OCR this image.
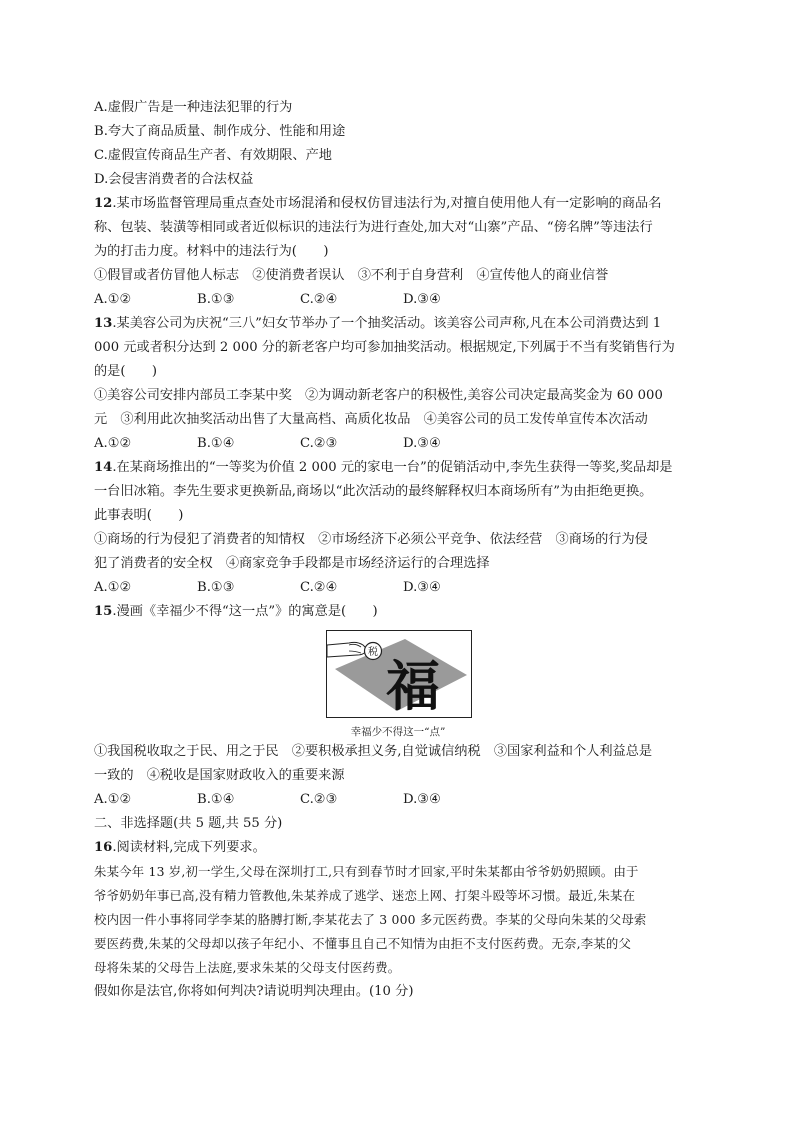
A.虚假广告是一种违法犯罪的行为
B.夸大了商品质量、制作成分、性能和用途
C.虚假宣传商品生产者、有效期限、产地
D.会侵害消费者的合法权益
12.某市场监督管理局重点查处市场混淆和侵权仿冒违法行为,对擅自使用他人有一定影响的商品名
称、包装、装潢等相同或者近似标识的违法行为进行查处,加大对“山寨”产品、“傍名牌”等违法行
为的打击力度。材料中的违法行为(　　)
①假冒或者仿冒他人标志　②使消费者误认　③不利于自身营利　④宣传他人的商业信誉
A.①②	B.①③	C.②④	D.③④
13.某美容公司为庆祝“三八”妇女节举办了一个抽奖活动。该美容公司声称,凡在本公司消费达到 1
000 元或者积分达到 2 000 分的新老客户均可参加抽奖活动。根据规定,下列属于不当有奖销售行为
的是(　　)
①美容公司安排内部员工李某中奖　②为调动新老客户的积极性,美容公司决定最高奖金为 60 000
元　③利用此次抽奖活动出售了大量高档、高质化妆品　④美容公司的员工发传单宣传本次活动
A.①②	B.①④	C.②③	D.③④
14.在某商场推出的“一等奖为价值 2 000 元的家电一台”的促销活动中,李先生获得一等奖,奖品却是
一台旧冰箱。李先生要求更换新品,商场以“此次活动的最终解释权归本商场所有”为由拒绝更换。
此事表明(　　)
①商场的行为侵犯了消费者的知情权　②市场经济下必须公平竞争、依法经营　③商场的行为侵
犯了消费者的安全权　④商家竞争手段都是市场经济运行的合理选择
A.①②	B.①③	C.②④	D.③④
15.漫画《幸福少不得“这一点”》的寓意是(　　)
税
福
幸福少不得这一“点”
①我国税收取之于民、用之于民　②要积极承担义务,自觉诚信纳税　③国家利益和个人利益总是
一致的　④税收是国家财政收入的重要来源
A.①②	B.①④	C.②③	D.③④
二、非选择题(共 5 题,共 55 分)
16.阅读材料,完成下列要求。
朱某今年 13 岁,初一学生,父母在深圳打工,只有到春节时才回家,平时朱某都由爷爷奶奶照顾。由于
爷爷奶奶年事已高,没有精力管教他,朱某养成了逃学、迷恋上网、打架斗殴等坏习惯。最近,朱某在
校内因一件小事将同学李某的胳膊打断,李某花去了 3 000 多元医药费。李某的父母向朱某的父母索
要医药费,朱某的父母却以孩子年纪小、不懂事且自己不知情为由拒不支付医药费。无奈,李某的父
母将朱某的父母告上法庭,要求朱某的父母支付医药费。
假如你是法官,你将如何判决?请说明判决理由。(10 分)
